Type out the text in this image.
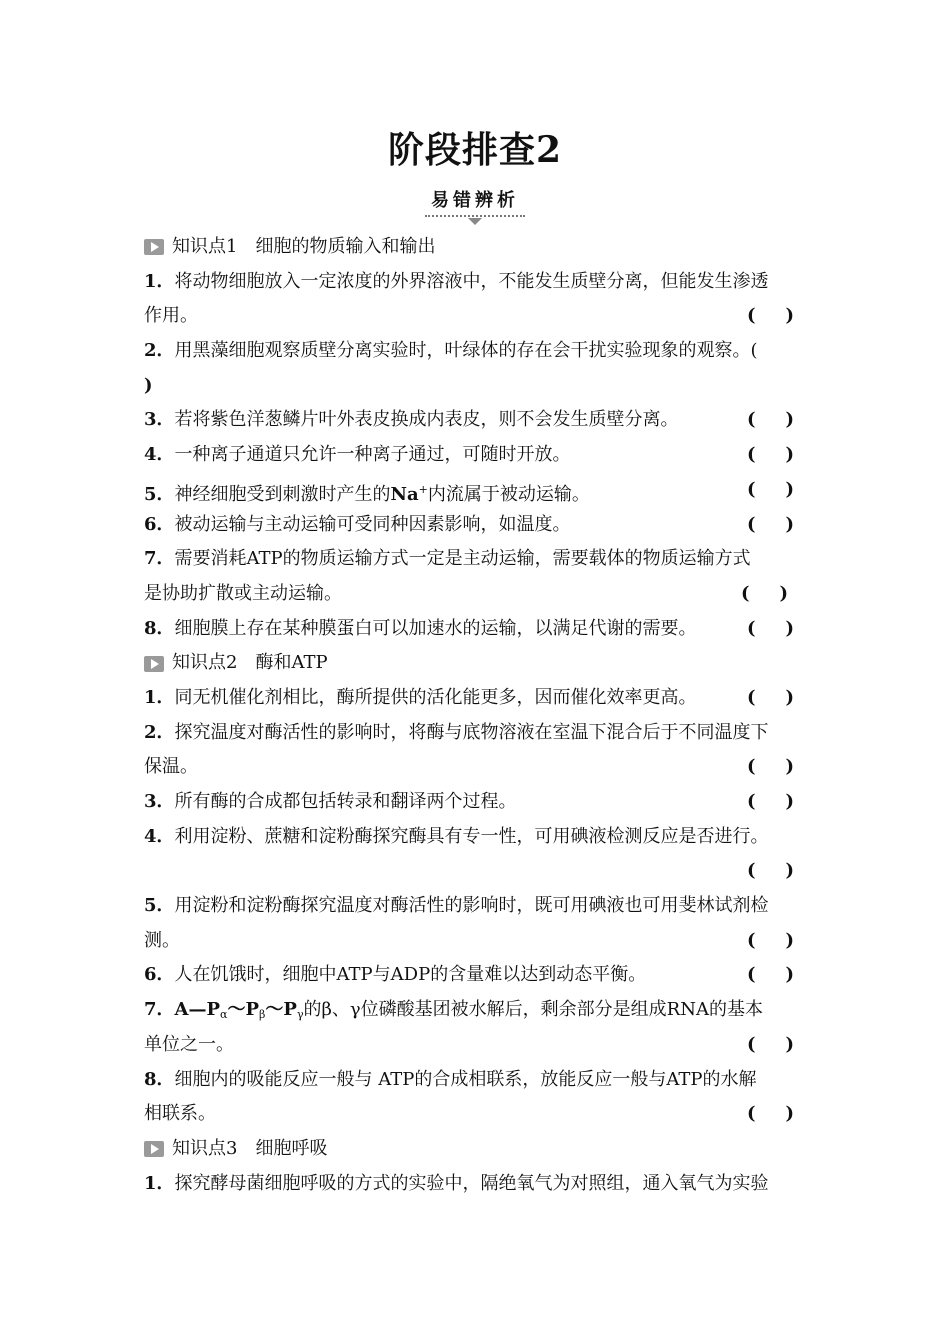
阶段排查2
易错辨析
知识点1　细胞的物质输入和输出
1．将动物细胞放入一定浓度的外界溶液中，不能发生质壁分离，但能发生渗透
作用。	( )
2．用黑藻细胞观察质壁分离实验时，叶绿体的存在会干扰实验现象的观察。(
)
3．若将紫色洋葱鳞片叶外表皮换成内表皮，则不会发生质壁分离。	( )
4．一种离子通道只允许一种离子通过，可随时开放。	( )
5．神经细胞受到刺激时产生的Na+内流属于被动运输。	( )
6．被动运输与主动运输可受同种因素影响，如温度。	( )
7．需要消耗ATP的物质运输方式一定是主动运输，需要载体的物质运输方式
是协助扩散或主动运输。	( )
8．细胞膜上存在某种膜蛋白可以加速水的运输，以满足代谢的需要。	( )
知识点2　酶和ATP
1．同无机催化剂相比，酶所提供的活化能更多，因而催化效率更高。	( )
2．探究温度对酶活性的影响时，将酶与底物溶液在室温下混合后于不同温度下
保温。	( )
3．所有酶的合成都包括转录和翻译两个过程。	( )
4．利用淀粉、蔗糖和淀粉酶探究酶具有专一性，可用碘液检测反应是否进行。
( )
5．用淀粉和淀粉酶探究温度对酶活性的影响时，既可用碘液也可用斐林试剂检
测。	( )
6．人在饥饿时，细胞中ATP与ADP的含量难以达到动态平衡。	( )
7．$A—P_\alpha\sim P_\beta\sim P_\gamma$的β、γ位磷酸基团被水解后，剩余部分是组成RNA的基本
单位之一。	( )
8．细胞内的吸能反应一般与 ATP的合成相联系，放能反应一般与ATP的水解
相联系。	( )
知识点3　细胞呼吸
1．探究酵母菌细胞呼吸的方式的实验中，隔绝氧气为对照组，通入氧气为实验
